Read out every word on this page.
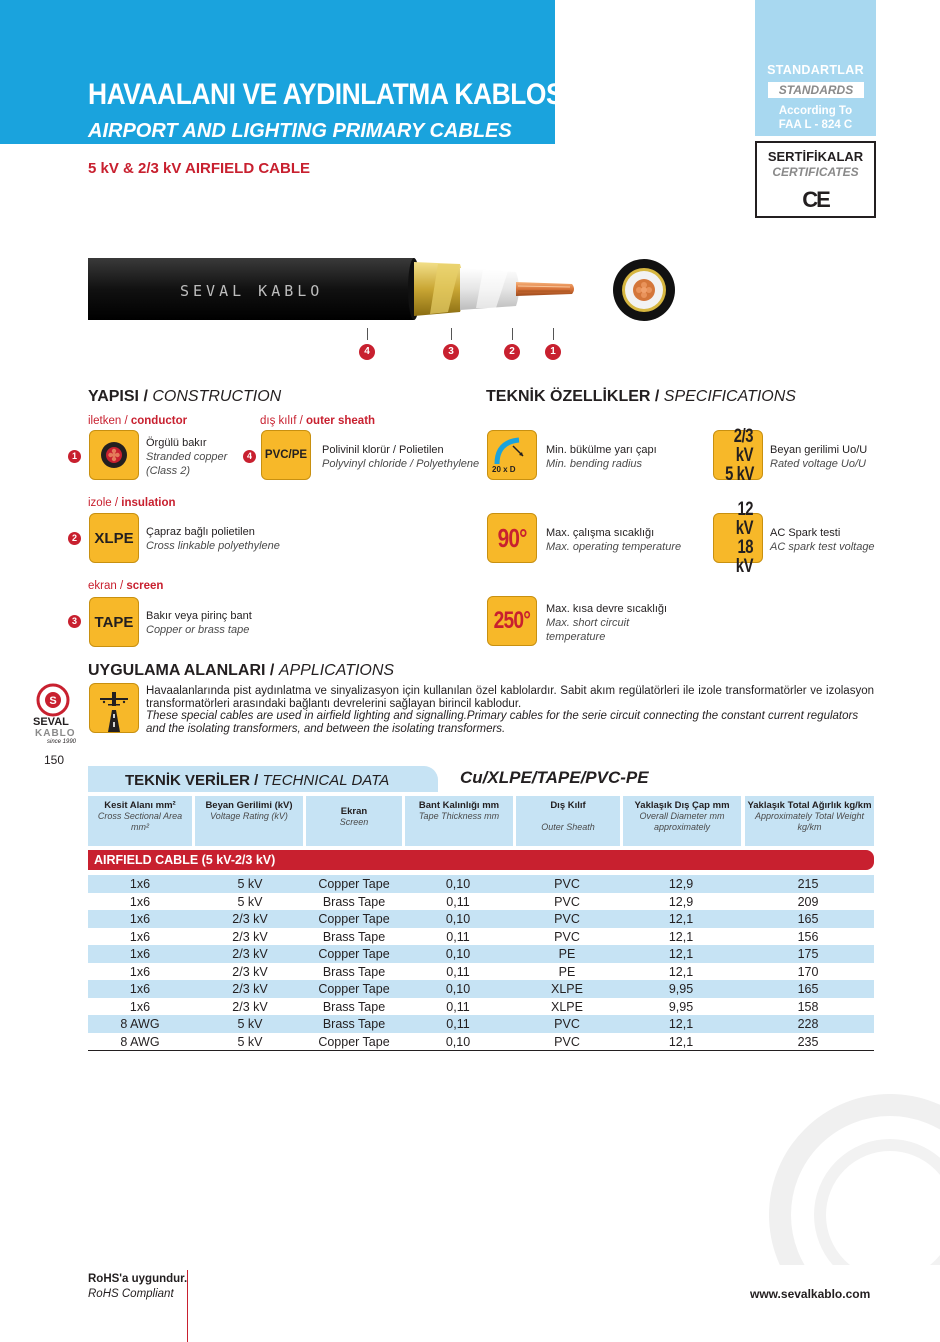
HAVAALANI VE AYDINLATMA KABLOSU
AIRPORT AND LIGHTING PRIMARY CABLES
5 kV & 2/3 kV AIRFIELD CABLE
STANDARTLAR
STANDARDS
According To
FAA L - 824 C
SERTİFİKALAR
CERTIFICATES
CE
SEVAL KABLO
4	3	2	1
YAPISI / CONSTRUCTION
iletken / conductor
1
Örgülü bakır
Stranded copper
(Class 2)
dış kılıf / outer sheath
4	PVC/PE Polivinil klorür / Polietilen
Polyvinyl chloride / Polyethylene
izole / insulation
2 XLPE Çapraz bağlı polietilen
Cross linkable polyethylene
ekran / screen
3 TAPE Bakır veya pirinç bant
Copper or brass tape
TEKNİK ÖZELLİKLER / SPECIFICATIONS
20 x D
Min. bükülme yarı çapı
Min. bending radius
2/3 kV
5 kV
Beyan gerilimi Uo/U
Rated voltage Uo/U
90° Max. çalışma sıcaklığı
Max. operating temperature
12 kV
18 kV
AC Spark testi
AC spark test voltage
250° Max. kısa devre sıcaklığı
Max. short circuit
temperature
UYGULAMA ALANLARI / APPLICATIONS
Havaalanlarında pist aydınlatma ve sinyalizasyon için kullanılan özel kablolardır. Sabit akım regülatörleri ile izole transformatörler ve izolasyon transformatörleri arasındaki bağlantı devrelerini sağlayan birincil kablodur.
These special cables are used in airfield lighting and signalling.Primary cables for the serie circuit connecting the constant current regulators and the isolating transformers, and between the isolating transformers.
S
SEVAL
KABLO
since 1990
150
TEKNİK VERİLER / TECHNICAL DATA	Cu/XLPE/TAPE/PVC-PE
Kesit Alanı mm²
Cross Sectional Area mm²
Beyan Gerilimi (kV)
Voltage Rating (kV)	Ekran
Screen
Bant Kalınlığı mm
Tape Thickness mm
Dış Kılıf
Outer Sheath
Yaklaşık Dış Çap mm
Overall Diameter mm approximately
Yaklaşık Total Ağırlık kg/km
Approximately Total Weight kg/km
AIRFIELD CABLE (5 kV-2/3 kV)
1x6	5 kV	Copper Tape	0,10	PVC	12,9	215
1x6	5 kV	Brass Tape	0,11	PVC	12,9	209
1x6	2/3 kV	Copper Tape	0,10	PVC	12,1	165
1x6	2/3 kV	Brass Tape	0,11	PVC	12,1	156
1x6	2/3 kV	Copper Tape	0,10	PE	12,1	175
1x6	2/3 kV	Brass Tape	0,11	PE	12,1	170
1x6	2/3 kV	Copper Tape	0,10	XLPE	9,95	165
1x6	2/3 kV	Brass Tape	0,11	XLPE	9,95	158
8 AWG	5 kV	Brass Tape	0,11	PVC	12,1	228
8 AWG	5 kV	Copper Tape	0,10	PVC	12,1	235
RoHS'a uygundur.
RoHS Compliant	www.sevalkablo.com
